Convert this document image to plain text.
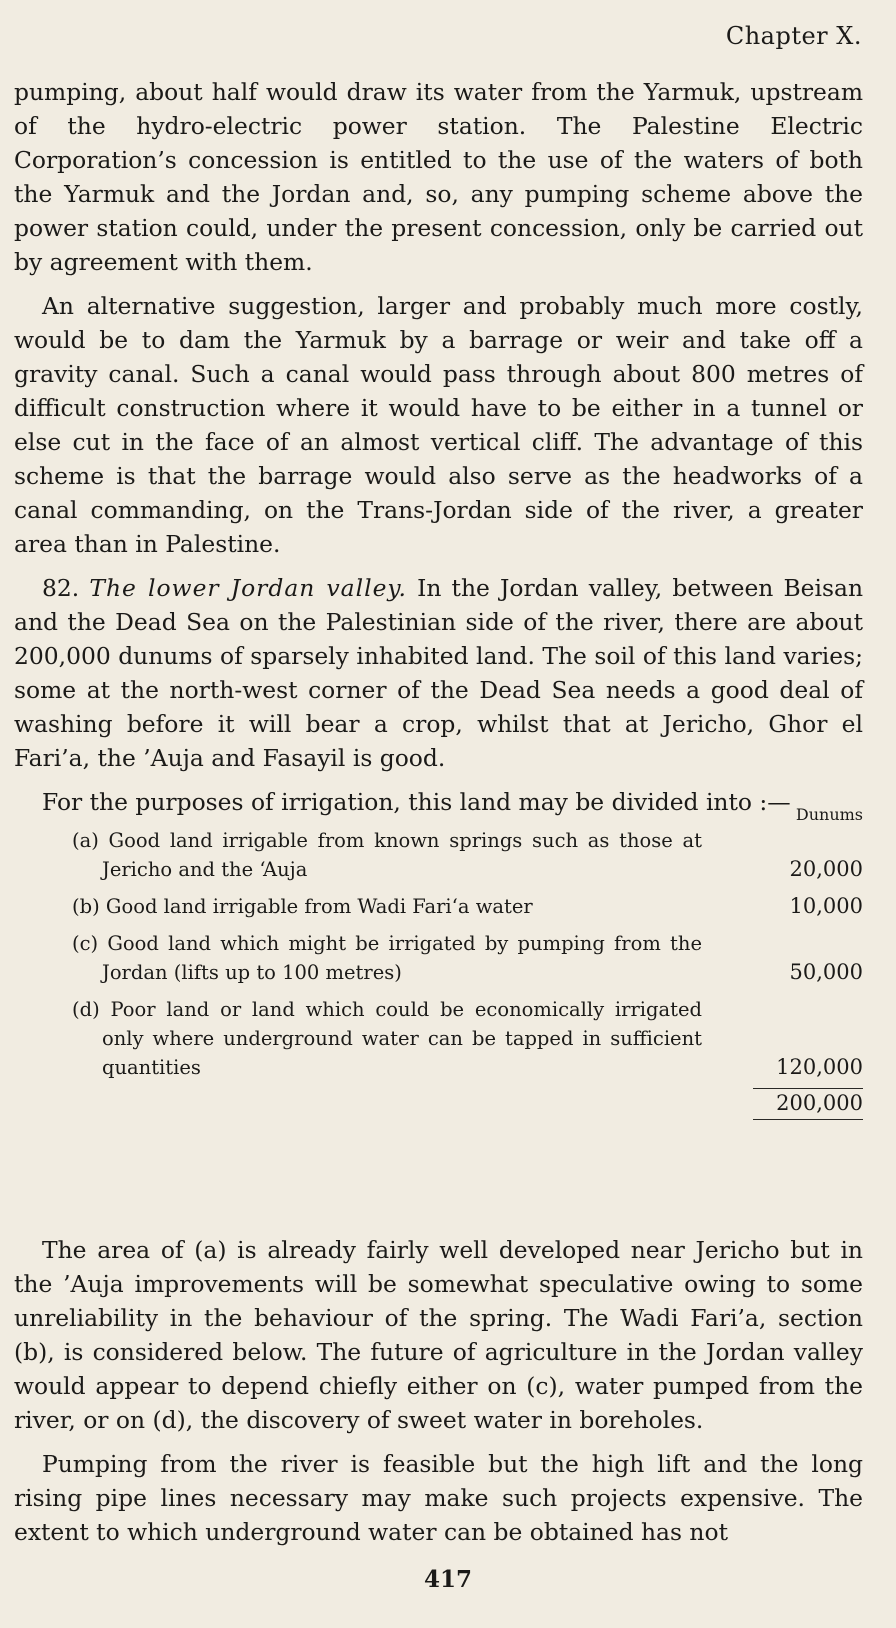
Chapter X.

pumping, about half would draw its water from the Yarmuk, upstream of the hydro-electric power station. The Palestine Electric Corporation’s concession is entitled to the use of the waters of both the Yarmuk and the Jordan and, so, any pumping scheme above the power station could, under the present concession, only be carried out by agreement with them.

An alternative suggestion, larger and probably much more costly, would be to dam the Yarmuk by a barrage or weir and take off a gravity canal. Such a canal would pass through about 800 metres of difficult construction where it would have to be either in a tunnel or else cut in the face of an almost vertical cliff. The advantage of this scheme is that the barrage would also serve as the headworks of a canal commanding, on the Trans-Jordan side of the river, a greater area than in Palestine.

82. The lower Jordan valley. In the Jordan valley, between Beisan and the Dead Sea on the Palestinian side of the river, there are about 200,000 dunums of sparsely inhabited land. The soil of this land varies; some at the north-west corner of the Dead Sea needs a good deal of washing before it will bear a crop, whilst that at Jericho, Ghor el Fari’a, the ’Auja and Fasayil is good.

For the purposes of irrigation, this land may be divided into :— Dunums
(a) Good land irrigable from known springs such as those at Jericho and the ‘Auja	20,000
(b) Good land irrigable from Wadi Fari‘a water	10,000
(c) Good land which might be irrigated by pumping from the Jordan (lifts up to 100 metres)	50,000
(d) Poor land or land which could be economically irrigated only where underground water can be tapped in sufficient quantities	120,000
200,000

The area of (a) is already fairly well developed near Jericho but in the ’Auja improvements will be somewhat speculative owing to some unreliability in the behaviour of the spring. The Wadi Fari’a, section (b), is considered below. The future of agriculture in the Jordan valley would appear to depend chiefly either on (c), water pumped from the river, or on (d), the discovery of sweet water in boreholes.

Pumping from the river is feasible but the high lift and the long rising pipe lines necessary may make such projects expensive. The extent to which underground water can be obtained has not

417
